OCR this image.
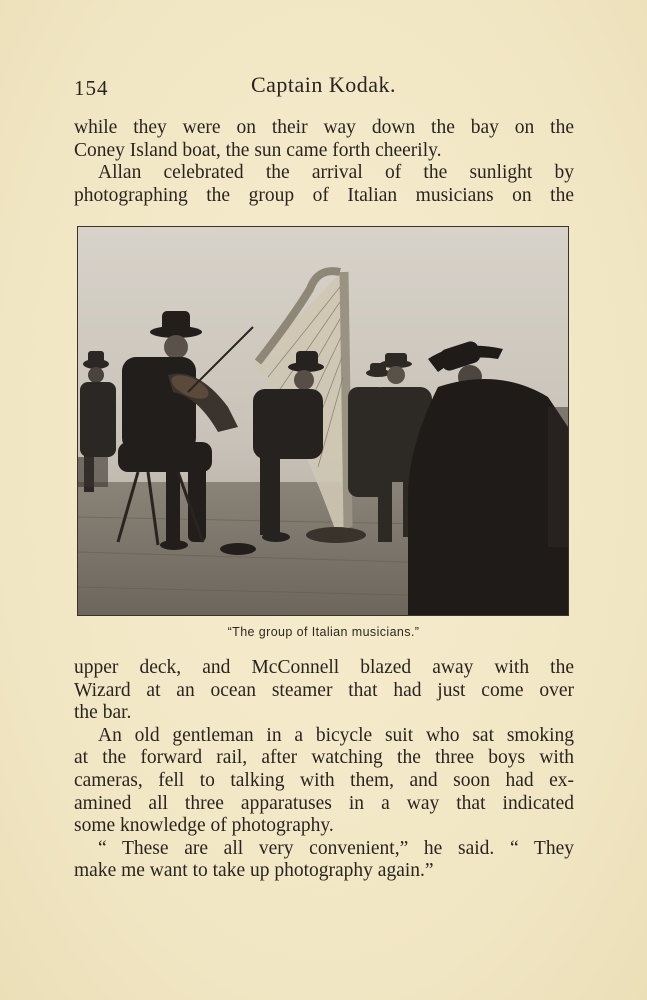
154	Captain Kodak.
while they were on their way down the bay on the
Coney Island boat, the sun came forth cheerily.
Allan celebrated the arrival of the sunlight by
photographing the group of Italian musicians on the
“The group of Italian musicians.”
upper deck, and McConnell blazed away with the
Wizard at an ocean steamer that had just come over
the bar.
An old gentleman in a bicycle suit who sat smoking
at the forward rail, after watching the three boys with
cameras, fell to talking with them, and soon had ex-
amined all three apparatuses in a way that indicated
some knowledge of photography.
“ These are all very convenient,” he said. “ They
make me want to take up photography again.”
